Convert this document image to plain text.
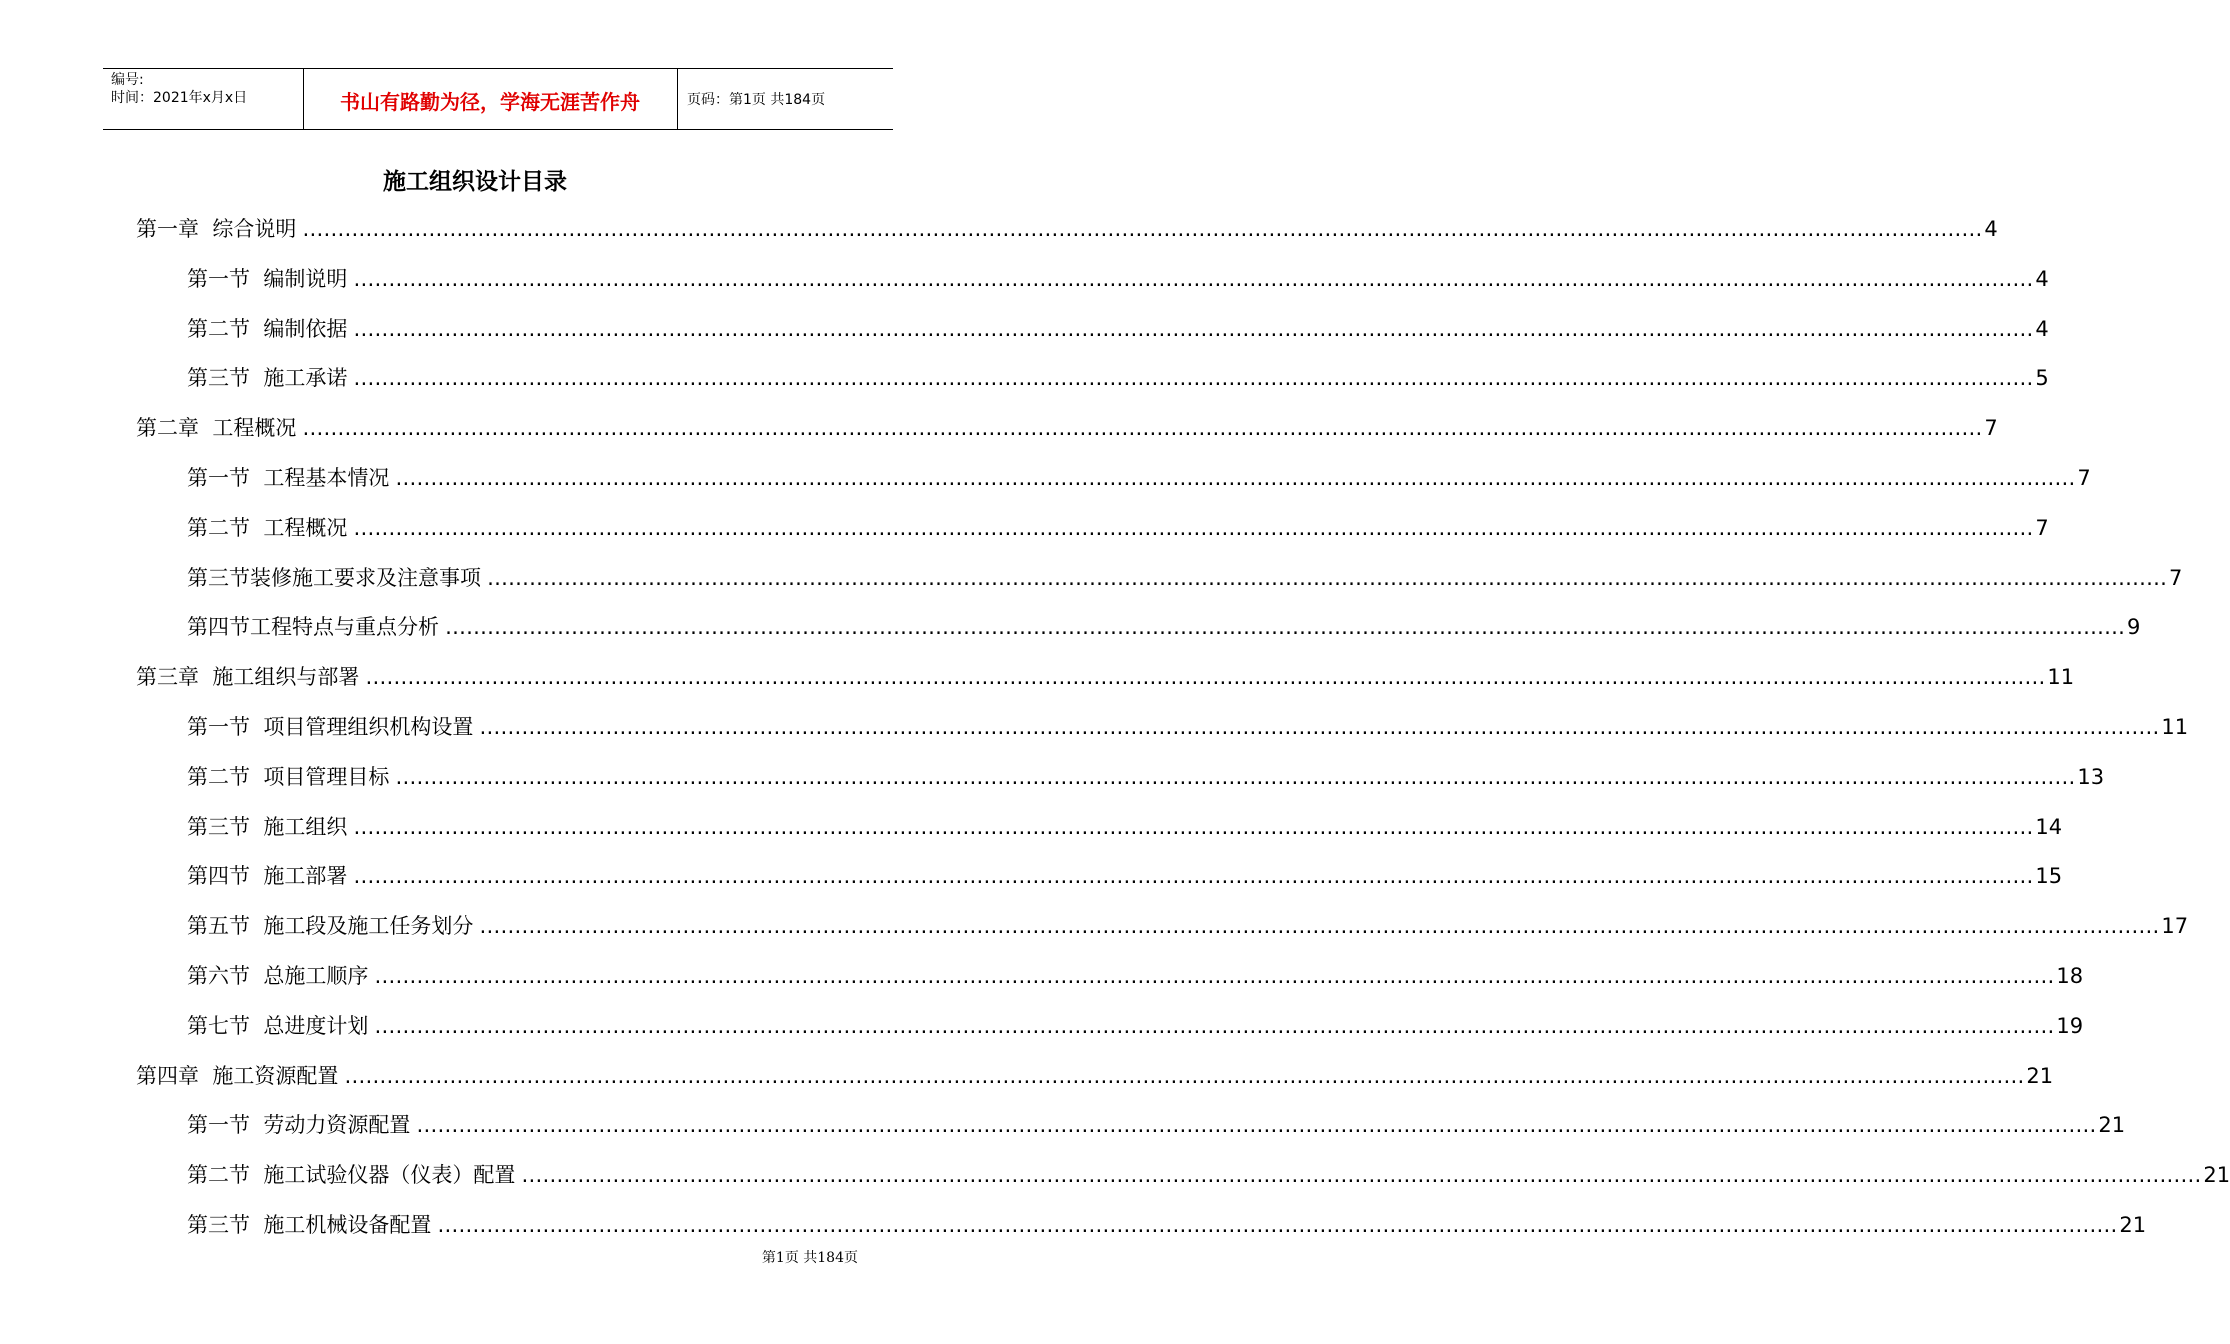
编号:
时间：2021年x月x日	书山有路勤为径，学海无涯苦作舟	页码：第1页 共184页
施工组织设计目录
第一章  综合说明 …………………………………………………………………………………………………………………………………………………………………………………………………………………… 4
第一节  编制说明 …………………………………………………………………………………………………………………………………………………………………………………………………………………… 4
第二节  编制依据 …………………………………………………………………………………………………………………………………………………………………………………………………………………… 4
第三节  施工承诺 …………………………………………………………………………………………………………………………………………………………………………………………………………………… 5
第二章  工程概况 …………………………………………………………………………………………………………………………………………………………………………………………………………………… 7
第一节  工程基本情况 …………………………………………………………………………………………………………………………………………………………………………………………………………………… 7
第二节  工程概况 …………………………………………………………………………………………………………………………………………………………………………………………………………………… 7
第三节装修施工要求及注意事项 …………………………………………………………………………………………………………………………………………………………………………………………………………………… 7
第四节工程特点与重点分析 …………………………………………………………………………………………………………………………………………………………………………………………………………………… 9
第三章  施工组织与部署 …………………………………………………………………………………………………………………………………………………………………………………………………………………… 11
第一节  项目管理组织机构设置 …………………………………………………………………………………………………………………………………………………………………………………………………………………… 11
第二节  项目管理目标 …………………………………………………………………………………………………………………………………………………………………………………………………………………… 13
第三节  施工组织 …………………………………………………………………………………………………………………………………………………………………………………………………………………… 14
第四节  施工部署 …………………………………………………………………………………………………………………………………………………………………………………………………………………… 15
第五节  施工段及施工任务划分 …………………………………………………………………………………………………………………………………………………………………………………………………………………… 17
第六节  总施工顺序 …………………………………………………………………………………………………………………………………………………………………………………………………………………… 18
第七节  总进度计划 …………………………………………………………………………………………………………………………………………………………………………………………………………………… 19
第四章  施工资源配置 …………………………………………………………………………………………………………………………………………………………………………………………………………………… 21
第一节  劳动力资源配置 …………………………………………………………………………………………………………………………………………………………………………………………………………………… 21
第二节  施工试验仪器（仪表）配置 …………………………………………………………………………………………………………………………………………………………………………………………………………………… 21
第三节  施工机械设备配置 …………………………………………………………………………………………………………………………………………………………………………………………………………………… 21
第1页 共184页
